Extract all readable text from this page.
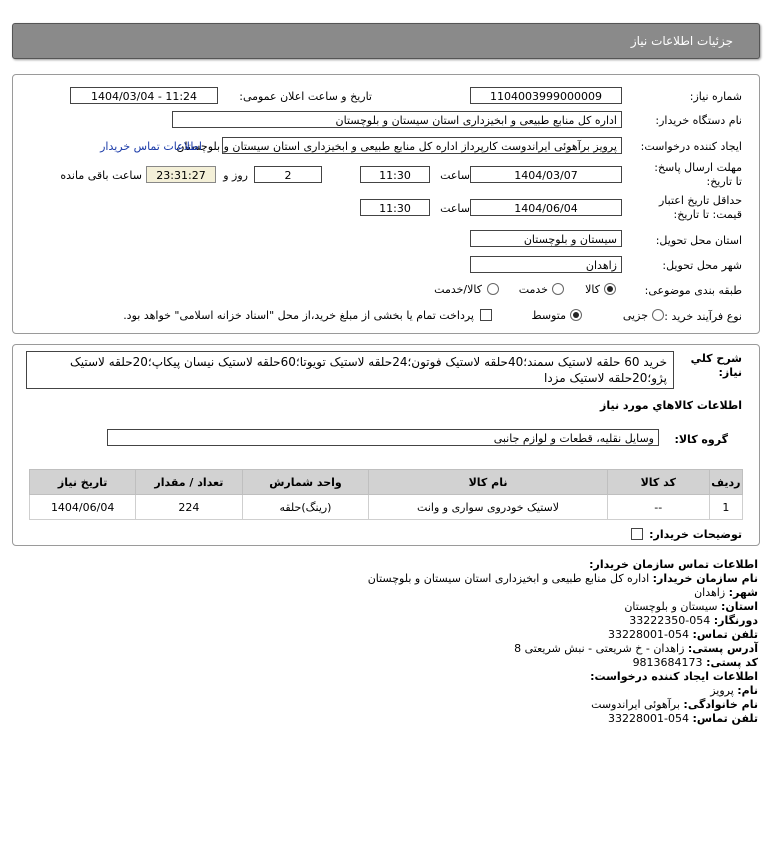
جزئیات اطلاعات نیاز
شماره نیاز:
1104003999000009
تاریخ و ساعت اعلان عمومی:
1404/03/04 - 11:24
نام دستگاه خریدار:
اداره کل منابع طبیعی و ابخیزداری استان سیستان و بلوچستان
ایجاد کننده درخواست:
پرویز برآهوئی ایراندوست کارپرداز اداره کل منابع طبیعی و ابخیزداری استان سیستان و بلوچستان
اطلاعات تماس خریدار
مهلت ارسال پاسخ: تا تاریخ:
1404/03/07
ساعت
11:30
2
روز و
23:31:27
ساعت باقی مانده
حداقل تاریخ اعتبار قیمت: تا تاریخ:
1404/06/04
ساعت
11:30
استان محل تحویل:
سیستان و بلوچستان
شهر محل تحویل:
زاهدان
طبقه بندی موضوعی:
کالا
خدمت
کالا/خدمت
نوع فرآیند خرید :
جزیی
متوسط
پرداخت تمام یا بخشی از مبلغ خرید،از محل "اسناد خزانه اسلامی" خواهد بود.
شرح کلي نياز:
خرید 60 حلقه لاستیک سمند؛40حلقه لاستیک فوتون؛24حلقه لاستیک تویوتا؛60حلقه لاستیک نیسان پیکاپ؛20حلقه لاستیک
پژو؛20حلقه لاستیک مزدا
اطلاعات کالاهاي مورد نياز
گروه کالا:
وسایل نقلیه، قطعات و لوازم جانبی
ردیف	کد کالا	نام کالا	واحد شمارش	تعداد / مقدار	تاریخ نیاز
1	--	لاستیک خودروی سواری و وانت	(رینگ)حلقه	224	1404/06/04
توضیحات خریدار:
اطلاعات تماس سازمان خریدار:
نام سازمان خریدار: اداره کل منابع طبیعی و ابخیزداری استان سیستان و بلوچستان
شهر: زاهدان
استان: سیستان و بلوچستان
دورنگار: 054-33222350
تلفن تماس: 054-33228001
آدرس پستی: زاهدان - خ شریعتی - نبش شریعتی 8
کد پستی: 9813684173
اطلاعات ایجاد کننده درخواست:
نام: پرویز
نام خانوادگی: برآهوئی ایراندوست
تلفن تماس: 054-33228001
